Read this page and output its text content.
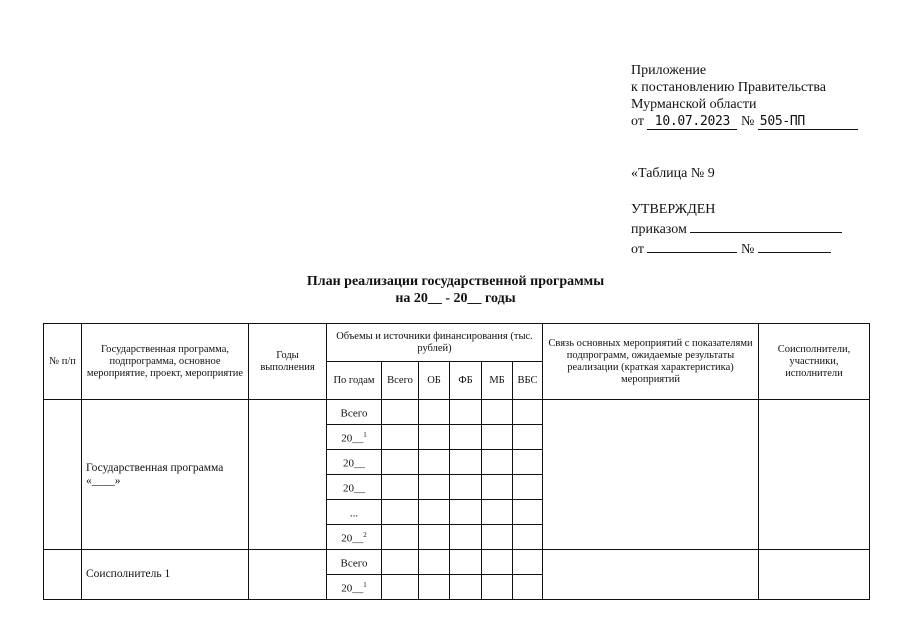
Приложение
к постановлению Правительства
Мурманской области
от 10.07.2023 № 505-ПП
«Таблица № 9
УТВЕРЖДЕН
приказом
от	№
План реализации государственной программы
на 20__ - 20__ годы
№ п/п	Государственная программа, подпрограмма, основное мероприятие, проект, мероприятие	Годы выполнения	Объемы и источники финансирования (тыс. рублей)						Связь основных мероприятий с показателями подпрограмм, ожидаемые результаты реализации (краткая характеристика) мероприятий	Соисполнители, участники, исполнители
			По годам	Всего	ОБ	ФБ	МБ	ВБС		
	Государственная программа «____»		Всего							
			20__$^1$					
			20__							
			20__							
			...							
			20__$^2$					
	Соисполнитель 1		Всего							
			20__$^1$					
